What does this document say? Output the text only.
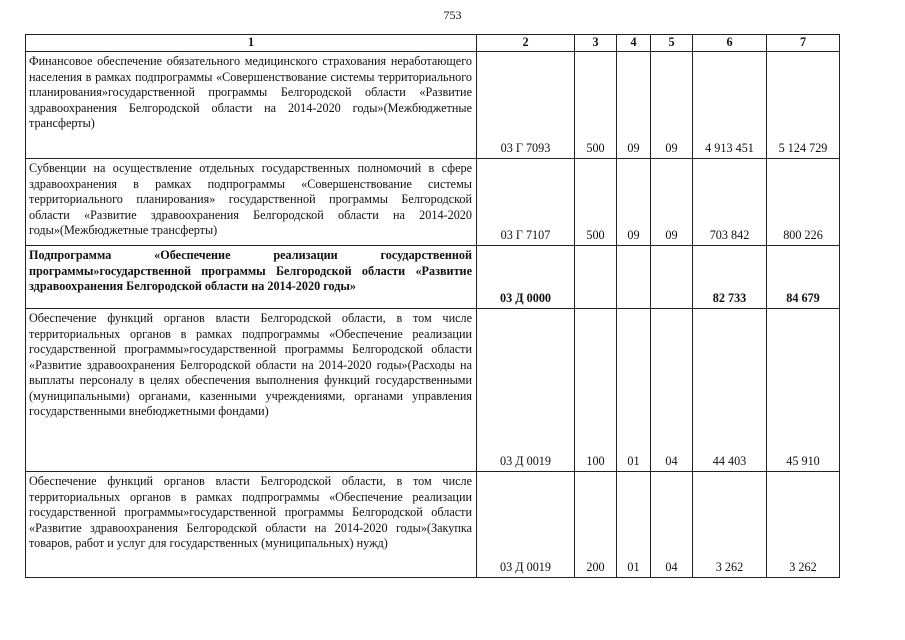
753
1	2	3	4	5	6	7
Финансовое обеспечение обязательного медицинского страхования неработающего населения в рамках подпрограммы «Совершенствование системы территориального планирования»государственной программы Белгородской области «Развитие здравоохранения Белгородской области на 2014-2020 годы»(Межбюджетные трансферты)	03 Г 7093	500	09	09	4 913 451	5 124 729
Субвенции на осуществление отдельных государственных полномочий в сфере здравоохранения в рамках подпрограммы «Совершенствование системы территориального планирования» государственной программы Белгородской области «Развитие здравоохранения Белгородской области на 2014-2020 годы»(Межбюджетные трансферты)	03 Г 7107	500	09	09	703 842	800 226
Подпрограмма «Обеспечение реализации государственной программы»государственной программы Белгородской области «Развитие здравоохранения Белгородской области на 2014-2020 годы»	03 Д 0000				82 733	84 679
Обеспечение функций органов власти Белгородской области, в том числе территориальных органов в рамках подпрограммы «Обеспечение реализации государственной программы»государственной программы Белгородской области «Развитие здравоохранения Белгородской области на 2014-2020 годы»(Расходы на выплаты персоналу в целях обеспечения выполнения функций государственными (муниципальными) органами, казенными учреждениями, органами управления государственными внебюджетными фондами)	03 Д 0019	100	01	04	44 403	45 910
Обеспечение функций органов власти Белгородской области, в том числе территориальных органов в рамках подпрограммы «Обеспечение реализации государственной программы»государственной программы Белгородской области «Развитие здравоохранения Белгородской области на 2014-2020 годы»(Закупка товаров, работ и услуг для государственных (муниципальных) нужд)	03 Д 0019	200	01	04	3 262	3 262
